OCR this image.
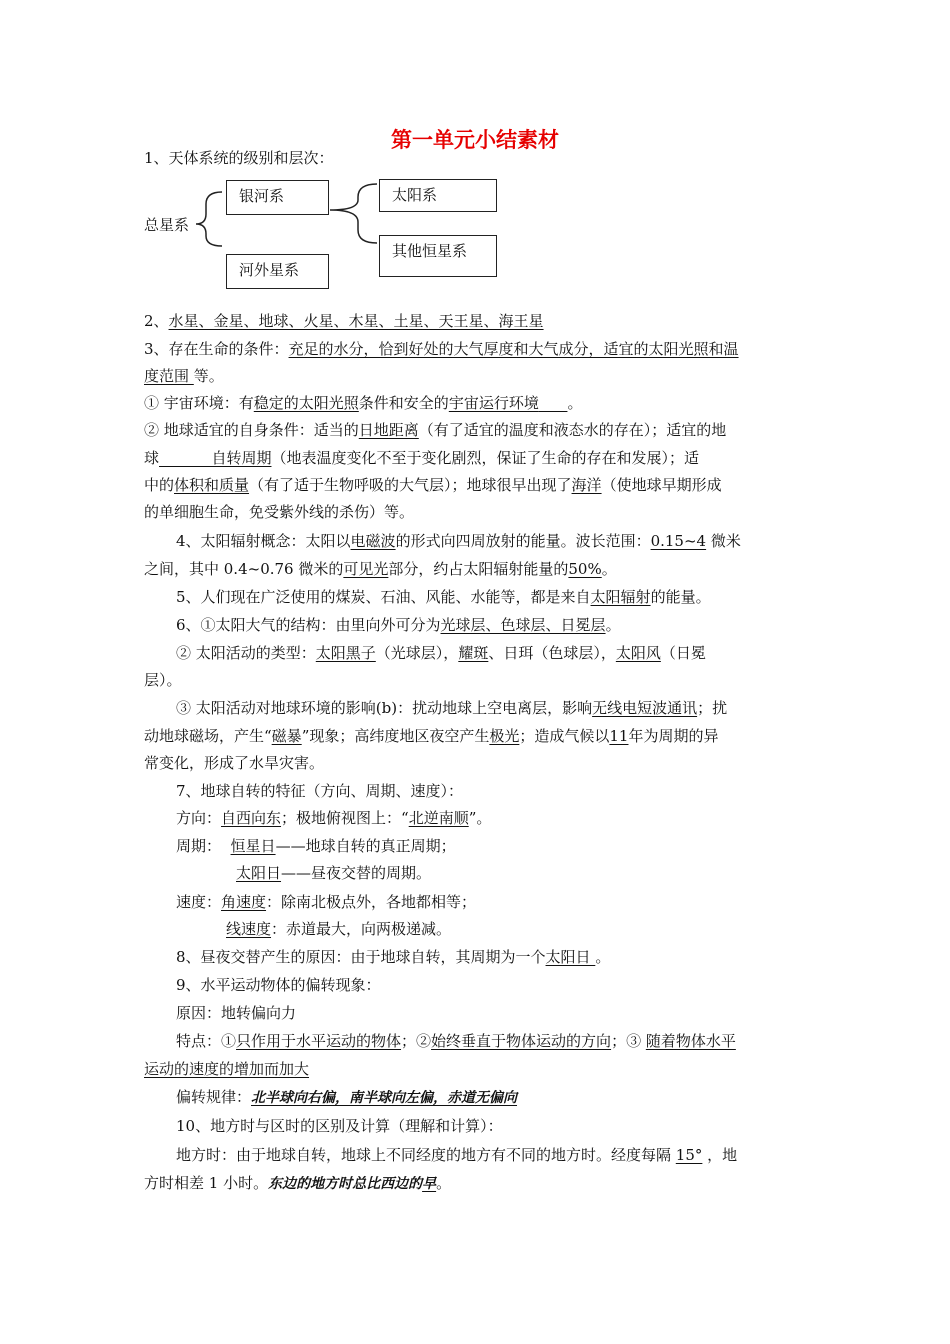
第一单元小结素材
1、天体系统的级别和层次：
总星系
银河系
河外星系
太阳系
其他恒星系
2、水星、金星、地球、火星、木星、土星、天王星、海王星
3、存在生命的条件：充足的水分，恰到好处的大气厚度和大气成分，适宜的太阳光照和温
度范围 等。
① 宇宙环境：有稳定的太阳光照条件和安全的宇宙运行环境 。
② 地球适宜的自身条件：适当的日地距离（有了适宜的温度和液态水的存在）；适宜的地
球           自转周期（地表温度变化不至于变化剧烈，保证了生命的存在和发展）；适
中的体积和质量（有了适于生物呼吸的大气层）；地球很早出现了海洋（使地球早期形成
的单细胞生命，免受紫外线的杀伤）等。
4、太阳辐射概念：太阳以电磁波的形式向四周放射的能量。波长范围：0.15~4 微米
之间，其中 0.4~0.76 微米的可见光部分，约占太阳辐射能量的50%。
5、人们现在广泛使用的煤炭、石油、风能、水能等，都是来自太阳辐射的能量。
6、①太阳大气的结构：由里向外可分为光球层、色球层、日冕层。
② 太阳活动的类型：太阳黑子（光球层），耀斑、日珥（色球层），太阳风（日冕
层）。
③ 太阳活动对地球环境的影响(b)：扰动地球上空电离层，影响无线电短波通讯；扰
动地球磁场，产生“磁暴”现象；高纬度地区夜空产生极光；造成气候以11年为周期的异
常变化，形成了水旱灾害。
7、地球自转的特征（方向、周期、速度）：
方向：自西向东；极地俯视图上：“北逆南顺”。
周期：  恒星日——地球自转的真正周期；
太阳日——昼夜交替的周期。
速度：角速度：除南北极点外，各地都相等；
线速度：赤道最大，向两极递减。
8、昼夜交替产生的原因：由于地球自转，其周期为一个太阳日 。
9、水平运动物体的偏转现象：
原因：地转偏向力
特点：①只作用于水平运动的物体；②始终垂直于物体运动的方向；③ 随着物体水平
运动的速度的增加而加大
偏转规律：北半球向右偏，南半球向左偏，赤道无偏向
10、地方时与区时的区别及计算（理解和计算）：
地方时：由于地球自转，地球上不同经度的地方有不同的地方时。经度每隔 15° ，地
方时相差 1 小时。东边的地方时总比西边的早。
